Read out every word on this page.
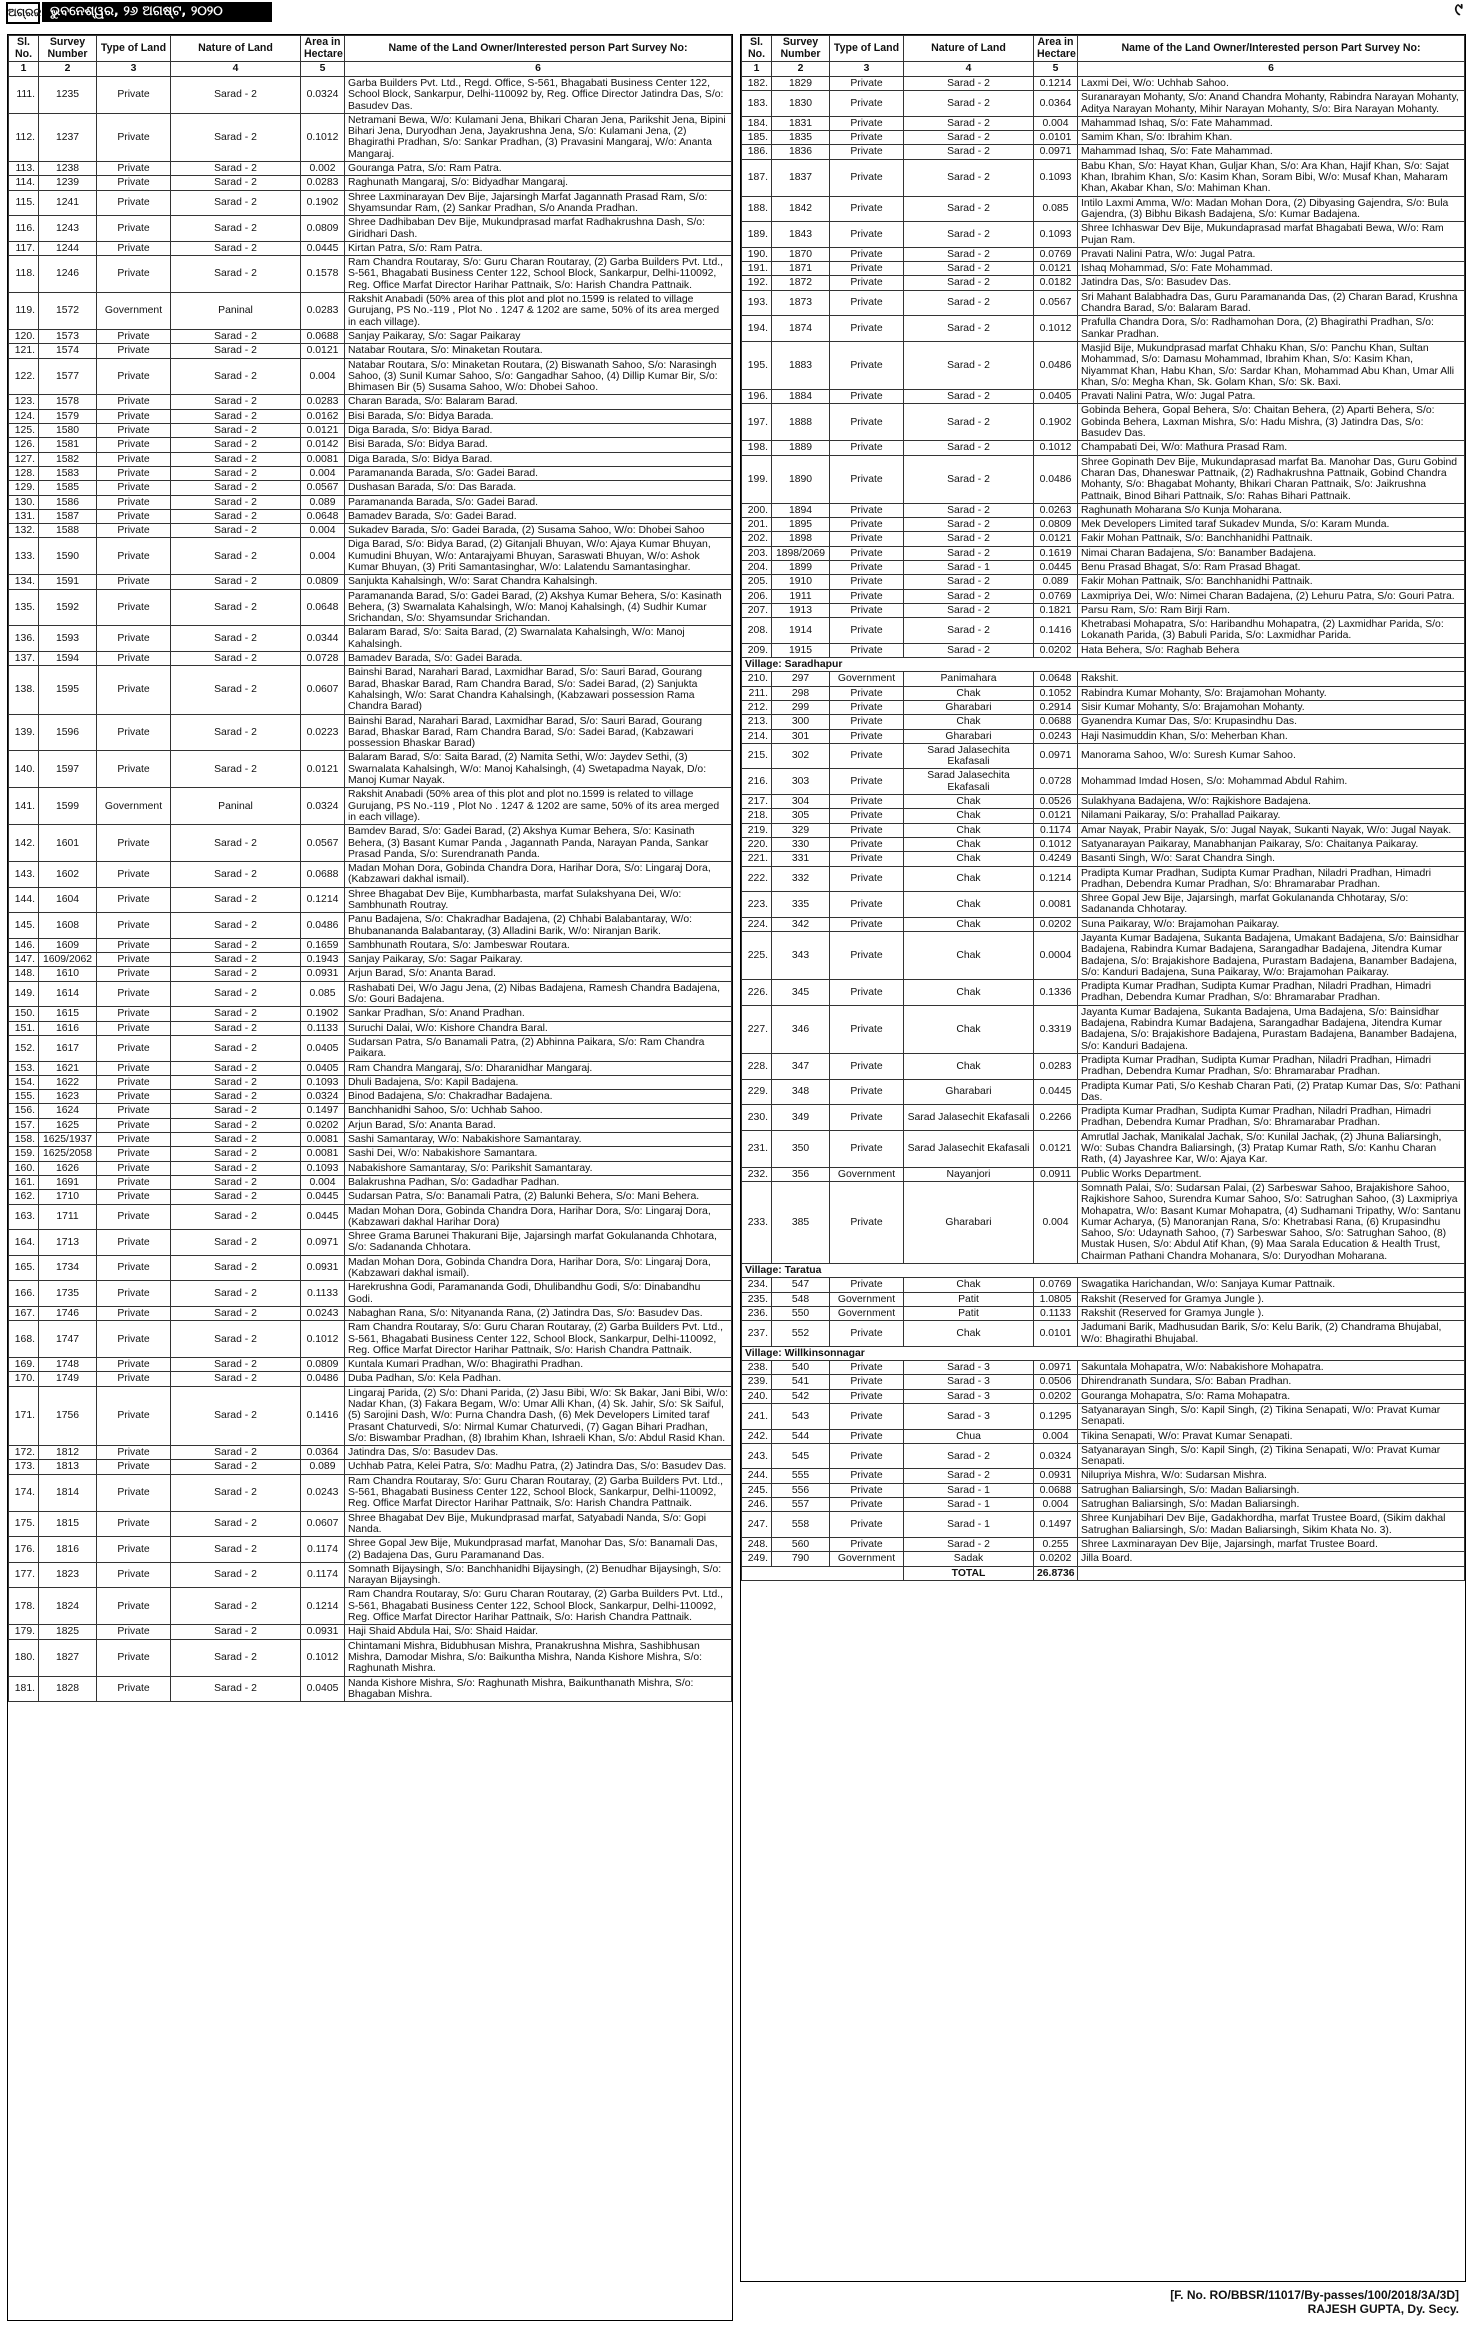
ଅଗ୍ରଜ ଭୁବନେଶ୍ୱର, ୨୬ ଅଗଷ୍ଟ, ୨୦୨୦	୯
Sl. No.	Survey Number	Type of Land	Nature of Land	Area in Hectare	Name of the Land Owner/Interested person Part Survey No:
1	2	3	4	5	6
111.	1235	Private	Sarad - 2	0.0324	Garba Builders Pvt. Ltd., Regd. Office, S-561, Bhagabati Business Center 122, School Block, Sankarpur, Delhi-110092 by, Reg. Office Director Jatindra Das, S/o: Basudev Das.
112.	1237	Private	Sarad - 2	0.1012	Netramani Bewa, W/o: Kulamani Jena, Bhikari Charan Jena, Parikshit Jena, Bipini Bihari Jena, Duryodhan Jena, Jayakrushna Jena, S/o: Kulamani Jena, (2) Bhagirathi Pradhan, S/o: Sankar Pradhan, (3) Pravasini Mangaraj, W/o: Ananta Mangaraj.
113.	1238	Private	Sarad - 2	0.002	Gouranga Patra, S/o: Ram Patra.
114.	1239	Private	Sarad - 2	0.0283	Raghunath Mangaraj, S/o: Bidyadhar Mangaraj.
115.	1241	Private	Sarad - 2	0.1902	Shree Laxminarayan Dev Bije, Jajarsingh Marfat Jagannath Prasad Ram, S/o: Shyamsundar Ram, (2) Sankar Pradhan, S/o Ananda Pradhan.
116.	1243	Private	Sarad - 2	0.0809	Shree Dadhibaban Dev Bije, Mukundprasad marfat Radhakrushna Dash, S/o: Giridhari Dash.
117.	1244	Private	Sarad - 2	0.0445	Kirtan Patra, S/o: Ram Patra.
118.	1246	Private	Sarad - 2	0.1578	Ram Chandra Routaray, S/o: Guru Charan Routaray, (2) Garba Builders Pvt. Ltd., S-561, Bhagabati Business Center 122, School Block, Sankarpur, Delhi-110092, Reg. Office Marfat Director Harihar Pattnaik, S/o: Harish Chandra Pattnaik.
119.	1572	Government	Paninal	0.0283	Rakshit Anabadi (50% area of this plot and plot no.1599 is related to village Gurujang, PS No.-119 , Plot No . 1247 & 1202 are same, 50% of its area merged in each village).
120.	1573	Private	Sarad - 2	0.0688	Sanjay Paikaray, S/o: Sagar Paikaray
121.	1574	Private	Sarad - 2	0.0121	Natabar Routara, S/o: Minaketan Routara.
122.	1577	Private	Sarad - 2	0.004	Natabar Routara, S/o: Minaketan Routara, (2) Biswanath Sahoo, S/o: Narasingh Sahoo, (3) Sunil Kumar Sahoo, S/o: Gangadhar Sahoo, (4) Dillip Kumar Bir, S/o: Bhimasen Bir (5) Susama Sahoo, W/o: Dhobei Sahoo.
123.	1578	Private	Sarad - 2	0.0283	Charan Barada, S/o: Balaram Barad.
124.	1579	Private	Sarad - 2	0.0162	Bisi Barada, S/o: Bidya Barada.
125.	1580	Private	Sarad - 2	0.0121	Diga Barada, S/o: Bidya Barad.
126.	1581	Private	Sarad - 2	0.0142	Bisi Barada, S/o: Bidya Barad.
127.	1582	Private	Sarad - 2	0.0081	Diga Barada, S/o: Bidya Barad.
128.	1583	Private	Sarad - 2	0.004	Paramananda Barada, S/o: Gadei Barad.
129.	1585	Private	Sarad - 2	0.0567	Dushasan Barada, S/o: Das Barada.
130.	1586	Private	Sarad - 2	0.089	Paramananda Barada, S/o: Gadei Barad.
131.	1587	Private	Sarad - 2	0.0648	Bamadev Barada, S/o: Gadei Barad.
132.	1588	Private	Sarad - 2	0.004	Sukadev Barada, S/o: Gadei Barada, (2) Susama Sahoo, W/o: Dhobei Sahoo
133.	1590	Private	Sarad - 2	0.004	Diga Barad, S/o: Bidya Barad, (2) Gitanjali Bhuyan, W/o: Ajaya Kumar Bhuyan, Kumudini Bhuyan, W/o: Antarajyami Bhuyan, Saraswati Bhuyan, W/o: Ashok Kumar Bhuyan, (3) Priti Samantasinghar, W/o: Lalatendu Samantasinghar.
134.	1591	Private	Sarad - 2	0.0809	Sanjukta Kahalsingh, W/o: Sarat Chandra Kahalsingh.
135.	1592	Private	Sarad - 2	0.0648	Paramananda Barad, S/o: Gadei Barad, (2) Akshya Kumar Behera, S/o: Kasinath Behera, (3) Swarnalata Kahalsingh, W/o: Manoj Kahalsingh, (4) Sudhir Kumar Srichandan, S/o: Shyamsundar Srichandan.
136.	1593	Private	Sarad - 2	0.0344	Balaram Barad, S/o: Saita Barad, (2) Swarnalata Kahalsingh, W/o: Manoj Kahalsingh.
137.	1594	Private	Sarad - 2	0.0728	Bamadev Barada, S/o: Gadei Barada.
138.	1595	Private	Sarad - 2	0.0607	Bainshi Barad, Narahari Barad, Laxmidhar Barad, S/o: Sauri Barad, Gourang Barad, Bhaskar Barad, Ram Chandra Barad, S/o: Sadei Barad, (2) Sanjukta Kahalsingh, W/o: Sarat Chandra Kahalsingh, (Kabzawari possession Rama Chandra Barad)
139.	1596	Private	Sarad - 2	0.0223	Bainshi Barad, Narahari Barad, Laxmidhar Barad, S/o: Sauri Barad, Gourang Barad, Bhaskar Barad, Ram Chandra Barad, S/o: Sadei Barad, (Kabzawari possession Bhaskar Barad)
140.	1597	Private	Sarad - 2	0.0121	Balaram Barad, S/o: Saita Barad, (2) Namita Sethi, W/o: Jaydev Sethi, (3) Swarnalata Kahalsingh, W/o: Manoj Kahalsingh, (4) Swetapadma Nayak, D/o: Manoj Kumar Nayak.
141.	1599	Government	Paninal	0.0324	Rakshit Anabadi (50% area of this plot and plot no.1599 is related to village Gurujang, PS No.-119 , Plot No . 1247 & 1202 are same, 50% of its area merged in each village).
142.	1601	Private	Sarad - 2	0.0567	Bamdev Barad, S/o: Gadei Barad, (2) Akshya Kumar Behera, S/o: Kasinath Behera, (3) Basant Kumar Panda , Jagannath Panda, Narayan Panda, Sankar Prasad Panda, S/o: Surendranath Panda.
143.	1602	Private	Sarad - 2	0.0688	Madan Mohan Dora, Gobinda Chandra Dora, Harihar Dora, S/o: Lingaraj Dora, (Kabzawari dakhal ismail).
144.	1604	Private	Sarad - 2	0.1214	Shree Bhagabat Dev Bije, Kumbharbasta, marfat Sulakshyana Dei, W/o: Sambhunath Routray.
145.	1608	Private	Sarad - 2	0.0486	Panu Badajena, S/o: Chakradhar Badajena, (2) Chhabi Balabantaray, W/o: Bhubanananda Balabantaray, (3) Alladini Barik, W/o: Niranjan Barik.
146.	1609	Private	Sarad - 2	0.1659	Sambhunath Routara, S/o: Jambeswar Routara.
147.	1609/2062	Private	Sarad - 2	0.1943	Sanjay Paikaray, S/o: Sagar Paikaray.
148.	1610	Private	Sarad - 2	0.0931	Arjun Barad, S/o: Ananta Barad.
149.	1614	Private	Sarad - 2	0.085	Rashabati Dei, W/o Jagu Jena, (2) Nibas Badajena, Ramesh Chandra Badajena, S/o: Gouri Badajena.
150.	1615	Private	Sarad - 2	0.1902	Sankar Pradhan, S/o: Anand Pradhan.
151.	1616	Private	Sarad - 2	0.1133	Suruchi Dalai, W/o: Kishore Chandra Baral.
152.	1617	Private	Sarad - 2	0.0405	Sudarsan Patra, S/o Banamali Patra, (2) Abhinna Paikara, S/o: Ram Chandra Paikara.
153.	1621	Private	Sarad - 2	0.0405	Ram Chandra Mangaraj, S/o: Dharanidhar Mangaraj.
154.	1622	Private	Sarad - 2	0.1093	Dhuli Badajena, S/o: Kapil Badajena.
155.	1623	Private	Sarad - 2	0.0324	Binod Badajena, S/o: Chakradhar Badajena.
156.	1624	Private	Sarad - 2	0.1497	Banchhanidhi Sahoo, S/o: Uchhab Sahoo.
157.	1625	Private	Sarad - 2	0.0202	Arjun Barad, S/o: Ananta Barad.
158.	1625/1937	Private	Sarad - 2	0.0081	Sashi Samantaray, W/o: Nabakishore Samantaray.
159.	1625/2058	Private	Sarad - 2	0.0081	Sashi Dei, W/o: Nabakishore Samantara.
160.	1626	Private	Sarad - 2	0.1093	Nabakishore Samantaray, S/o: Parikshit Samantaray.
161.	1691	Private	Sarad - 2	0.004	Balakrushna Padhan, S/o: Gadadhar Padhan.
162.	1710	Private	Sarad - 2	0.0445	Sudarsan Patra, S/o: Banamali Patra, (2) Balunki Behera, S/o: Mani Behera.
163.	1711	Private	Sarad - 2	0.0445	Madan Mohan Dora, Gobinda Chandra Dora, Harihar Dora, S/o: Lingaraj Dora, (Kabzawari dakhal Harihar Dora)
164.	1713	Private	Sarad - 2	0.0971	Shree Grama Barunei Thakurani Bije, Jajarsingh marfat Gokulananda Chhotara, S/o: Sadananda Chhotara.
165.	1734	Private	Sarad - 2	0.0931	Madan Mohan Dora, Gobinda Chandra Dora, Harihar Dora, S/o: Lingaraj Dora, (Kabzawari dakhal ismail).
166.	1735	Private	Sarad - 2	0.1133	Harekrushna Godi, Paramananda Godi, Dhulibandhu Godi, S/o: Dinabandhu Godi.
167.	1746	Private	Sarad - 2	0.0243	Nabaghan Rana, S/o: Nityananda Rana, (2) Jatindra Das, S/o: Basudev Das.
168.	1747	Private	Sarad - 2	0.1012	Ram Chandra Routaray, S/o: Guru Charan Routaray, (2) Garba Builders Pvt. Ltd., S-561, Bhagabati Business Center 122, School Block, Sankarpur, Delhi-110092, Reg. Office Marfat Director Harihar Pattnaik, S/o: Harish Chandra Pattnaik.
169.	1748	Private	Sarad - 2	0.0809	Kuntala Kumari Pradhan, W/o: Bhagirathi Pradhan.
170.	1749	Private	Sarad - 2	0.0486	Duba Padhan, S/o: Kela Padhan.
171.	1756	Private	Sarad - 2	0.1416	Lingaraj Parida, (2) S/o: Dhani Parida, (2) Jasu Bibi, W/o: Sk Bakar, Jani Bibi, W/o: Nadar Khan, (3) Fakara Begam, W/o: Umar Alli Khan, (4) Sk. Jahir, S/o: Sk Saiful, (5) Sarojini Dash, W/o: Purna Chandra Dash, (6) Mek Developers Limited taraf Prasant Chaturvedi, S/o: Nirmal Kumar Chaturvedi, (7) Gagan Bihari Pradhan, S/o: Biswambar Pradhan, (8) Ibrahim Khan, Ishraeli Khan, S/o: Abdul Rasid Khan.
172.	1812	Private	Sarad - 2	0.0364	Jatindra Das, S/o: Basudev Das.
173.	1813	Private	Sarad - 2	0.089	Uchhab Patra, Kelei Patra, S/o: Madhu Patra, (2) Jatindra Das, S/o: Basudev Das.
174.	1814	Private	Sarad - 2	0.0243	Ram Chandra Routaray, S/o: Guru Charan Routaray, (2) Garba Builders Pvt. Ltd., S-561, Bhagabati Business Center 122, School Block, Sankarpur, Delhi-110092, Reg. Office Marfat Director Harihar Pattnaik, S/o: Harish Chandra Pattnaik.
175.	1815	Private	Sarad - 2	0.0607	Shree Bhagabat Dev Bije, Mukundprasad marfat, Satyabadi Nanda, S/o: Gopi Nanda.
176.	1816	Private	Sarad - 2	0.1174	Shree Gopal Jew Bije, Mukundprasad marfat, Manohar Das, S/o: Banamali Das, (2) Badajena Das, Guru Paramanand Das.
177.	1823	Private	Sarad - 2	0.1174	Somnath Bijaysingh, S/o: Banchhanidhi Bijaysingh, (2) Benudhar Bijaysingh, S/o: Narayan Bijaysingh.
178.	1824	Private	Sarad - 2	0.1214	Ram Chandra Routaray, S/o: Guru Charan Routaray, (2) Garba Builders Pvt. Ltd., S-561, Bhagabati Business Center 122, School Block, Sankarpur, Delhi-110092, Reg. Office Marfat Director Harihar Pattnaik, S/o: Harish Chandra Pattnaik.
179.	1825	Private	Sarad - 2	0.0931	Haji Shaid Abdula Hai, S/o: Shaid Haidar.
180.	1827	Private	Sarad - 2	0.1012	Chintamani Mishra, Bidubhusan Mishra, Pranakrushna Mishra, Sashibhusan Mishra, Damodar Mishra, S/o: Baikuntha Mishra, Nanda Kishore Mishra, S/o: Raghunath Mishra.
181.	1828	Private	Sarad - 2	0.0405	Nanda Kishore Mishra, S/o: Raghunath Mishra, Baikunthanath Mishra, S/o: Bhagaban Mishra.
Sl. No.	Survey Number	Type of Land	Nature of Land	Area in Hectare	Name of the Land Owner/Interested person Part Survey No:
1	2	3	4	5	6
182.	1829	Private	Sarad - 2	0.1214	Laxmi Dei, W/o: Uchhab Sahoo.
183.	1830	Private	Sarad - 2	0.0364	Suranarayan Mohanty, S/o: Anand Chandra Mohanty, Rabindra Narayan Mohanty, Aditya Narayan Mohanty, Mihir Narayan Mohanty, S/o: Bira Narayan Mohanty.
184.	1831	Private	Sarad - 2	0.004	Mahammad Ishaq, S/o: Fate Mahammad.
185.	1835	Private	Sarad - 2	0.0101	Samim Khan, S/o: Ibrahim Khan.
186.	1836	Private	Sarad - 2	0.0971	Mahammad Ishaq, S/o: Fate Mahammad.
187.	1837	Private	Sarad - 2	0.1093	Babu Khan, S/o: Hayat Khan, Guljar Khan, S/o: Ara Khan, Hajif Khan, S/o: Sajat Khan, Ibrahim Khan, S/o: Kasim Khan, Soram Bibi, W/o: Musaf Khan, Maharam Khan, Akabar Khan, S/o: Mahiman Khan.
188.	1842	Private	Sarad - 2	0.085	Intilo Laxmi Amma, W/o: Madan Mohan Dora, (2) Dibyasing Gajendra, S/o: Bula Gajendra, (3) Bibhu Bikash Badajena, S/o: Kumar Badajena.
189.	1843	Private	Sarad - 2	0.1093	Shree Ichhaswar Dev Bije, Mukundaprasad marfat Bhagabati Bewa, W/o: Ram Pujan Ram.
190.	1870	Private	Sarad - 2	0.0769	Pravati Nalini Patra, W/o: Jugal Patra.
191.	1871	Private	Sarad - 2	0.0121	Ishaq Mohammad, S/o: Fate Mohammad.
192.	1872	Private	Sarad - 2	0.0182	Jatindra Das, S/o: Basudev Das.
193.	1873	Private	Sarad - 2	0.0567	Sri Mahant Balabhadra Das, Guru Paramananda Das, (2) Charan Barad, Krushna Chandra Barad, S/o: Balaram Barad.
194.	1874	Private	Sarad - 2	0.1012	Prafulla Chandra Dora, S/o: Radhamohan Dora, (2) Bhagirathi Pradhan, S/o: Sankar Pradhan.
195.	1883	Private	Sarad - 2	0.0486	Masjid Bije, Mukundprasad marfat Chhaku Khan, S/o: Panchu Khan, Sultan Mohammad, S/o: Damasu Mohammad, Ibrahim Khan, S/o: Kasim Khan, Niyammat Khan, Habu Khan, S/o: Sardar Khan, Mohammad Abu Khan, Umar Alli Khan, S/o: Megha Khan, Sk. Golam Khan, S/o: Sk. Baxi.
196.	1884	Private	Sarad - 2	0.0405	Pravati Nalini Patra, W/o: Jugal Patra.
197.	1888	Private	Sarad - 2	0.1902	Gobinda Behera, Gopal Behera, S/o: Chaitan Behera, (2) Aparti Behera, S/o: Gobinda Behera, Laxman Mishra, S/o: Hadu Mishra, (3) Jatindra Das, S/o: Basudev Das.
198.	1889	Private	Sarad - 2	0.1012	Champabati Dei, W/o: Mathura Prasad Ram.
199.	1890	Private	Sarad - 2	0.0486	Shree Gopinath Dev Bije, Mukundaprasad marfat Ba. Manohar Das, Guru Gobind Charan Das, Dhaneswar Pattnaik, (2) Radhakrushna Pattnaik, Gobind Chandra Mohanty, S/o: Bhagabat Mohanty, Bhikari Charan Pattnaik, S/o: Jaikrushna Pattnaik, Binod Bihari Pattnaik, S/o: Rahas Bihari Pattnaik.
200.	1894	Private	Sarad - 2	0.0263	Raghunath Moharana S/o Kunja Moharana.
201.	1895	Private	Sarad - 2	0.0809	Mek Developers Limited taraf Sukadev Munda, S/o: Karam Munda.
202.	1898	Private	Sarad - 2	0.0121	Fakir Mohan Pattnaik, S/o: Banchhanidhi Pattnaik.
203.	1898/2069	Private	Sarad - 2	0.1619	Nimai Charan Badajena, S/o: Banamber Badajena.
204.	1899	Private	Sarad - 1	0.0445	Benu Prasad Bhagat, S/o: Ram Prasad Bhagat.
205.	1910	Private	Sarad - 2	0.089	Fakir Mohan Pattnaik, S/o: Banchhanidhi Pattnaik.
206.	1911	Private	Sarad - 2	0.0769	Laxmipriya Dei, W/o: Nimei Charan Badajena, (2) Lehuru Patra, S/o: Gouri Patra.
207.	1913	Private	Sarad - 2	0.1821	Parsu Ram, S/o: Ram Birji Ram.
208.	1914	Private	Sarad - 2	0.1416	Khetrabasi Mohapatra, S/o: Haribandhu Mohapatra, (2) Laxmidhar Parida, S/o: Lokanath Parida, (3) Babuli Parida, S/o: Laxmidhar Parida.
209.	1915	Private	Sarad - 2	0.0202	Hata Behera, S/o: Raghab Behera
Village: Saradhapur					
210.	297	Government	Panimahara	0.0648	Rakshit.
211.	298	Private	Chak	0.1052	Rabindra Kumar Mohanty, S/o: Brajamohan Mohanty.
212.	299	Private	Gharabari	0.2914	Sisir Kumar Mohanty, S/o: Brajamohan Mohanty.
213.	300	Private	Chak	0.0688	Gyanendra Kumar Das, S/o: Krupasindhu Das.
214.	301	Private	Gharabari	0.0243	Haji Nasimuddin Khan, S/o: Meherban Khan.
215.	302	Private	Sarad Jalasechita Ekafasali	0.0971	Manorama Sahoo, W/o: Suresh Kumar Sahoo.
216.	303	Private	Sarad Jalasechita Ekafasali	0.0728	Mohammad Imdad Hosen, S/o: Mohammad Abdul Rahim.
217.	304	Private	Chak	0.0526	Sulakhyana Badajena, W/o: Rajkishore Badajena.
218.	305	Private	Chak	0.0121	Nilamani Paikaray, S/o: Prahallad Paikaray.
219.	329	Private	Chak	0.1174	Amar Nayak, Prabir Nayak, S/o: Jugal Nayak, Sukanti Nayak, W/o: Jugal Nayak.
220.	330	Private	Chak	0.1012	Satyanarayan Paikaray, Manabhanjan Paikaray, S/o: Chaitanya Paikaray.
221.	331	Private	Chak	0.4249	Basanti Singh, W/o: Sarat Chandra Singh.
222.	332	Private	Chak	0.1214	Pradipta Kumar Pradhan, Sudipta Kumar Pradhan, Niladri Pradhan, Himadri Pradhan, Debendra Kumar Pradhan, S/o: Bhramarabar Pradhan.
223.	335	Private	Chak	0.0081	Shree Gopal Jew Bije, Jajarsingh, marfat Gokulananda Chhotaray, S/o: Sadananda Chhotaray.
224.	342	Private	Chak	0.0202	Suna Paikaray, W/o: Brajamohan Paikaray.
225.	343	Private	Chak	0.0004	Jayanta Kumar Badajena, Sukanta Badajena, Umakant Badajena, S/o: Bainsidhar Badajena, Rabindra Kumar Badajena, Sarangadhar Badajena, Jitendra Kumar Badajena, S/o: Brajakishore Badajena, Purastam Badajena, Banamber Badajena, S/o: Kanduri Badajena, Suna Paikaray, W/o: Brajamohan Paikaray.
226.	345	Private	Chak	0.1336	Pradipta Kumar Pradhan, Sudipta Kumar Pradhan, Niladri Pradhan, Himadri Pradhan, Debendra Kumar Pradhan, S/o: Bhramarabar Pradhan.
227.	346	Private	Chak	0.3319	Jayanta Kumar Badajena, Sukanta Badajena, Uma Badajena, S/o: Bainsidhar Badajena, Rabindra Kumar Badajena, Sarangadhar Badajena, Jitendra Kumar Badajena, S/o: Brajakishore Badajena, Purastam Badajena, Banamber Badajena, S/o: Kanduri Badajena.
228.	347	Private	Chak	0.0283	Pradipta Kumar Pradhan, Sudipta Kumar Pradhan, Niladri Pradhan, Himadri Pradhan, Debendra Kumar Pradhan, S/o: Bhramarabar Pradhan.
229.	348	Private	Gharabari	0.0445	Pradipta Kumar Pati, S/o Keshab Charan Pati, (2) Pratap Kumar Das, S/o: Pathani Das.
230.	349	Private	Sarad Jalasechit Ekafasali	0.2266	Pradipta Kumar Pradhan, Sudipta Kumar Pradhan, Niladri Pradhan, Himadri Pradhan, Debendra Kumar Pradhan, S/o: Bhramarabar Pradhan.
231.	350	Private	Sarad Jalasechit Ekafasali	0.0121	Amrutlal Jachak, Manikalal Jachak, S/o: Kunilal Jachak, (2) Jhuna Baliarsingh, W/o: Subas Chandra Baliarsingh, (3) Pratap Kumar Rath, S/o: Kanhu Charan Rath, (4) Jayashree Kar, W/o: Ajaya Kar.
232.	356	Government	Nayanjori	0.0911	Public Works Department.
233.	385	Private	Gharabari	0.004	Somnath Palai, S/o: Sudarsan Palai, (2) Sarbeswar Sahoo, Brajakishore Sahoo, Rajkishore Sahoo, Surendra Kumar Sahoo, S/o: Satrughan Sahoo, (3) Laxmipriya Mohapatra, W/o: Basant Kumar Mohapatra, (4) Sudhamani Tripathy, W/o: Santanu Kumar Acharya, (5) Manoranjan Rana, S/o: Khetrabasi Rana, (6) Krupasindhu Sahoo, S/o: Udaynath Sahoo, (7) Sarbeswar Sahoo, S/o: Satrughan Sahoo, (8) Mustak Husen, S/o: Abdul Atif Khan, (9) Maa Sarala Education & Health Trust, Chairman Pathani Chandra Mohanara, S/o: Duryodhan Moharana.
Village: Taratua					
234.	547	Private	Chak	0.0769	Swagatika Harichandan, W/o: Sanjaya Kumar Pattnaik.
235.	548	Government	Patit	1.0805	Rakshit (Reserved for Gramya Jungle ).
236.	550	Government	Patit	0.1133	Rakshit (Reserved for Gramya Jungle ).
237.	552	Private	Chak	0.0101	Jadumani Barik, Madhusudan Barik, S/o: Kelu Barik, (2) Chandrama Bhujabal, W/o: Bhagirathi Bhujabal.
Village: Willkinsonnagar					
238.	540	Private	Sarad - 3	0.0971	Sakuntala Mohapatra, W/o: Nabakishore Mohapatra.
239.	541	Private	Sarad - 3	0.0506	Dhirendranath Sundara, S/o: Baban Pradhan.
240.	542	Private	Sarad - 3	0.0202	Gouranga Mohapatra, S/o: Rama Mohapatra.
241.	543	Private	Sarad - 3	0.1295	Satyanarayan Singh, S/o: Kapil Singh, (2) Tikina Senapati, W/o: Pravat Kumar Senapati.
242.	544	Private	Chua	0.004	Tikina Senapati, W/o: Pravat Kumar Senapati.
243.	545	Private	Sarad - 2	0.0324	Satyanarayan Singh, S/o: Kapil Singh, (2) Tikina Senapati, W/o: Pravat Kumar Senapati.
244.	555	Private	Sarad - 2	0.0931	Nilupriya Mishra, W/o: Sudarsan Mishra.
245.	556	Private	Sarad - 1	0.0688	Satrughan Baliarsingh, S/o: Madan Baliarsingh.
246.	557	Private	Sarad - 1	0.004	Satrughan Baliarsingh, S/o: Madan Baliarsingh.
247.	558	Private	Sarad - 1	0.1497	Shree Kunjabihari Dev Bije, Gadakhordha, marfat Trustee Board, (Sikim dakhal Satrughan Baliarsingh, S/o: Madan Baliarsingh, Sikim Khata No. 3).
248.	560	Private	Sarad - 2	0.255	Shree Laxminarayan Dev Bije, Jajarsingh, marfat Trustee Board.
249.	790	Government	Sadak	0.0202	Jilla Board.
			TOTAL	26.8736	
[F. No. RO/BBSR/11017/By-passes/100/2018/3A/3D]
RAJESH GUPTA, Dy. Secy.
